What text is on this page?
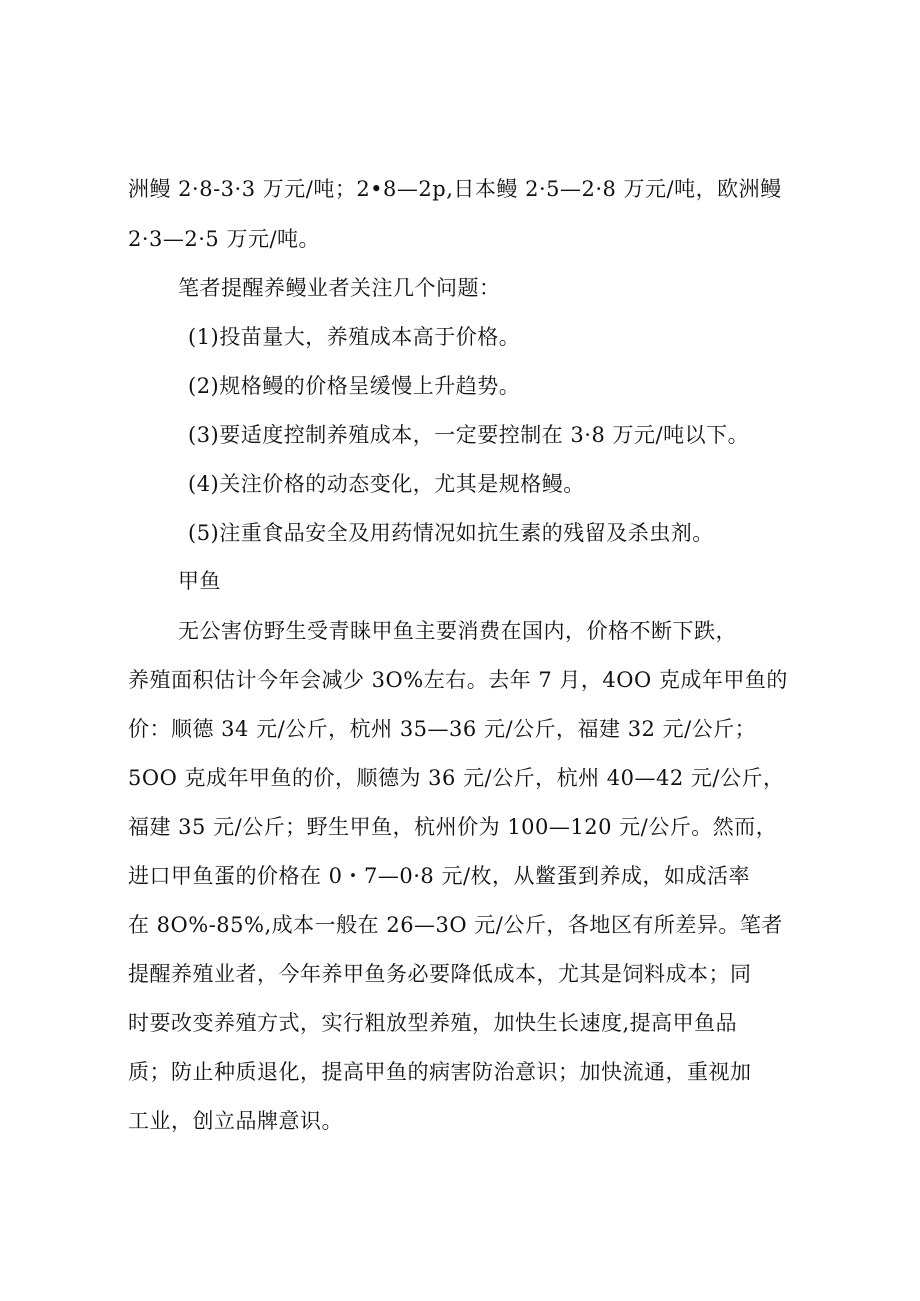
洲鳗 2·8-3·3 万元/吨；2•8—2p,日本鳗 2·5—2·8 万元/吨，欧洲鳗
2·3—2·5 万元/吨。
笔者提醒养鳗业者关注几个问题：
(1)投苗量大，养殖成本高于价格。
(2)规格鳗的价格呈缓慢上升趋势。
(3)要适度控制养殖成本，一定要控制在 3·8 万元/吨以下。
(4)关注价格的动态变化，尤其是规格鳗。
(5)注重食品安全及用药情况如抗生素的残留及杀虫剂。
甲鱼
无公害仿野生受青睐甲鱼主要消费在国内，价格不断下跌，
养殖面积估计今年会减少 3O%左右。去年 7 月，4OO 克成年甲鱼的
价：顺德 34 元/公斤，杭州 35—36 元/公斤，福建 32 元/公斤；
5OO 克成年甲鱼的价，顺德为 36 元/公斤，杭州 40—42 元/公斤，
福建 35 元/公斤；野生甲鱼，杭州价为 100—120 元/公斤。然而，
进口甲鱼蛋的价格在 0・7—0·8 元/枚，从鳖蛋到养成，如成活率
在 8O%-85%,成本一般在 26—3O 元/公斤，各地区有所差异。笔者
提醒养殖业者，今年养甲鱼务必要降低成本，尤其是饲料成本；同
时要改变养殖方式，实行粗放型养殖，加快生长速度,提高甲鱼品
质；防止种质退化，提高甲鱼的病害防治意识；加快流通，重视加
工业，创立品牌意识。
